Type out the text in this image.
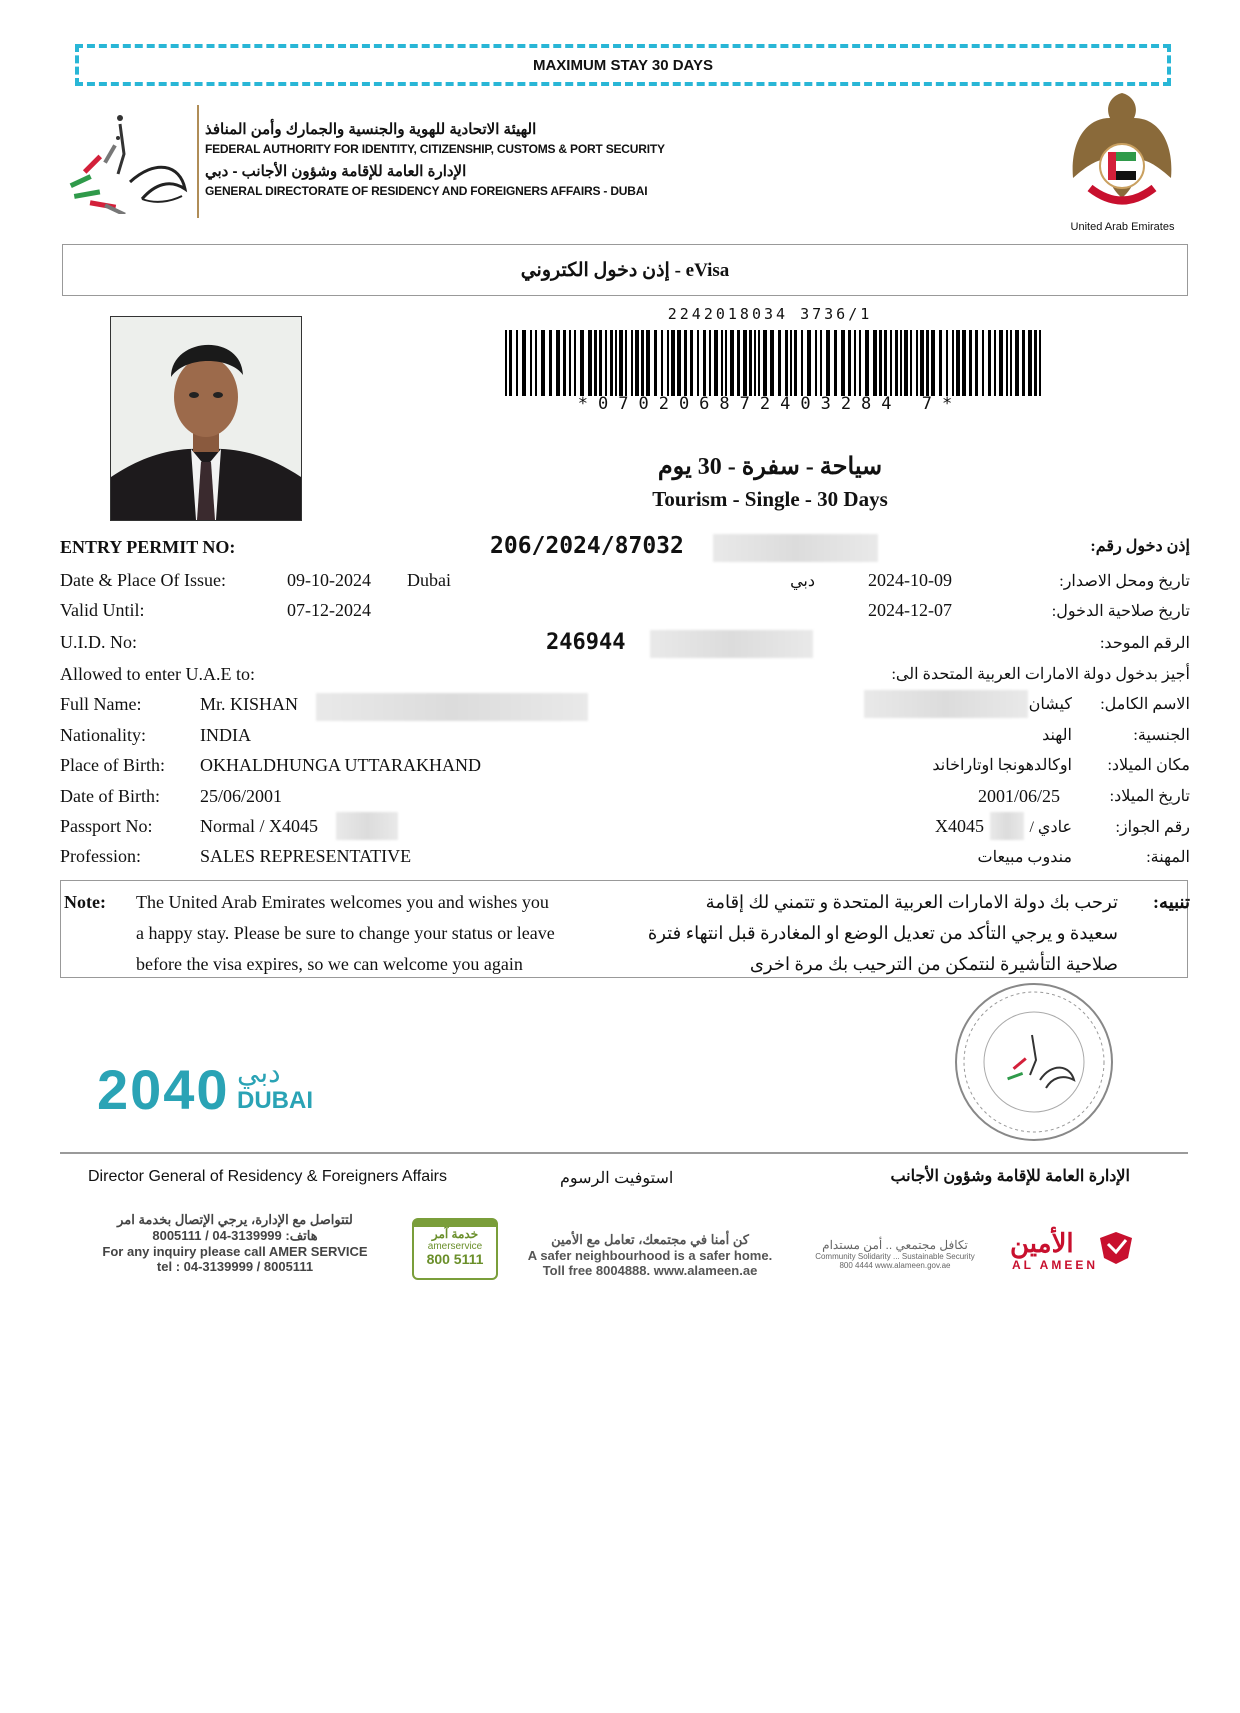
MAXIMUM STAY 30 DAYS
الهيئة الاتحادية للهوية والجنسية والجمارك وأمن المنافذ
FEDERAL AUTHORITY FOR IDENTITY, CITIZENSHIP, CUSTOMS & PORT SECURITY
الإدارة العامة للإقامة وشؤون الأجانب - دبي
GENERAL DIRECTORATE OF RESIDENCY AND FOREIGNERS AFFAIRS - DUBAI
United Arab Emirates
إذن دخول الكتروني - eVisa
2242018034 3736/1
*070206872403284 7*
سياحة - سفرة - 30 يوم
Tourism - Single - 30 Days
ENTRY PERMIT NO:	206/2024/87032	إذن دخول رقم:
Date & Place Of Issue:	09-10-2024 Dubai	دبي	2024-10-09	تاريخ ومحل الاصدار:
Valid Until:	07-12-2024	2024-12-07	تاريخ صلاحية الدخول:
U.I.D. No:	246944	الرقم الموحد:
Allowed to enter U.A.E to:	أجيز بدخول دولة الامارات العربية المتحدة الى:
Full Name:	Mr. KISHAN	كيشان الاسم الكامل:
Nationality:	INDIA	الهند	الجنسية:
Place of Birth: OKHALDHUNGA UTTARAKHAND	اوكالدهونجا اوتاراخاند مكان الميلاد:
Date of Birth: 25/06/2001	2001/06/25	تاريخ الميلاد:
Passport No:	Normal / X4045	X4045	عادي /	رقم الجواز:
Profession:	SALES REPRESENTATIVE	مندوب مبيعات	المهنة:
Note: The United Arab Emirates welcomes you and wishes you
a happy stay. Please be sure to change your status or leave
before the visa expires, so we can welcome you again
تنبيه:
ترحب بك دولة الامارات العربية المتحدة و تتمني لك إقامة
سعيدة و يرجي التأكد من تعديل الوضع او المغادرة قبل انتهاء فترة
صلاحية التأشيرة لنتمكن من الترحيب بك مرة اخرى
2040 دبي
DUBAI
Director General of Residency & Foreigners Affairs	استوفيت الرسوم	الإدارة العامة للإقامة وشؤون الأجانب
لتتواصل مع الإدارة، يرجي الإتصال بخدمة امر
8005111 / 04-3139999 :هاتف
For any inquiry please call AMER SERVICE
tel : 04-3139999 / 8005111
خدمة آمر
amerservice
800 5111
كن أمنا في مجتمعك، تعامل مع الأمين
A safer neighbourhood is a safer home.
Toll free 8004888. www.alameen.ae
تكافل مجتمعي .. أمن مستدام
Community Solidarity ... Sustainable Security
800 4444 www.alameen.gov.ae
الأمين
AL AMEEN
